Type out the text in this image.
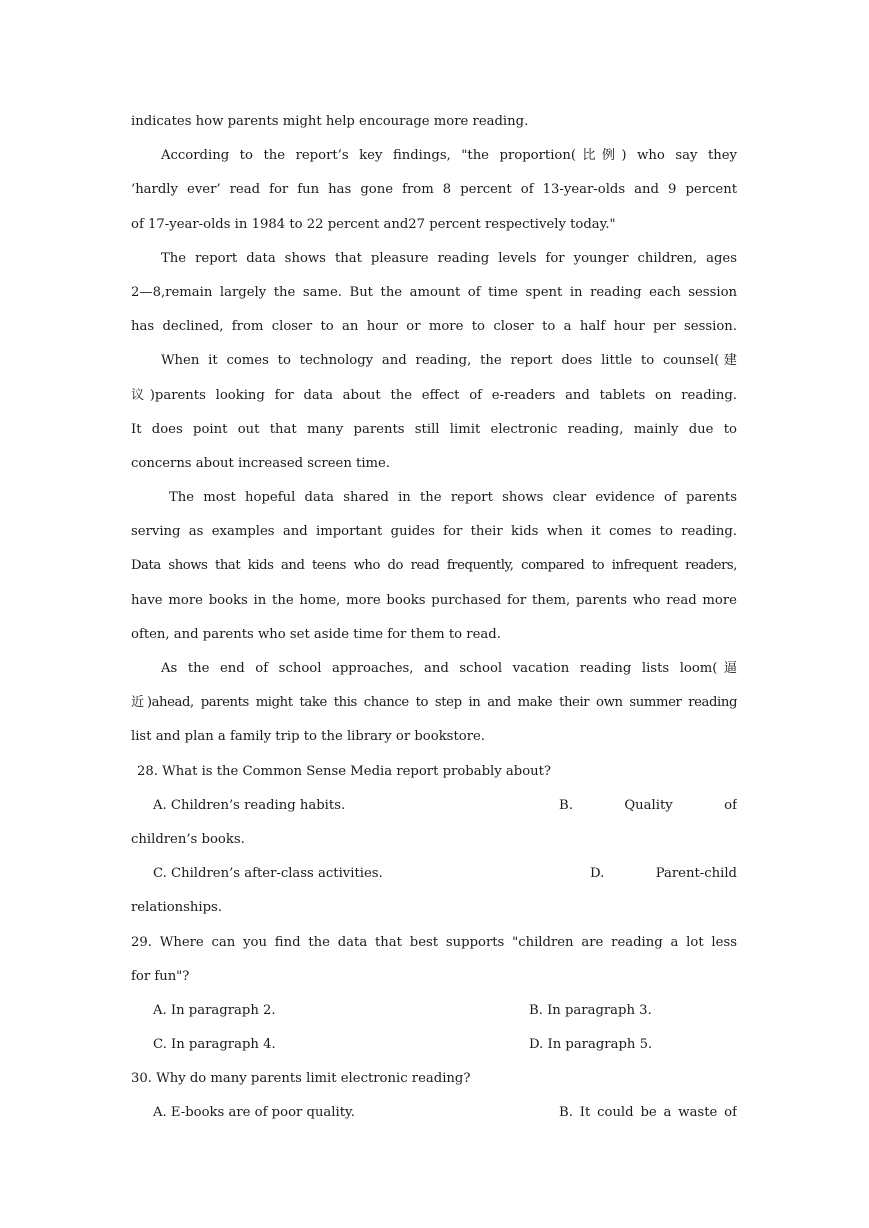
indicates how parents might help encourage more reading.
According to the report’s key findings, "the proportion(比例) who say they
‘hardly ever’ read for fun has gone from 8 percent of 13-year-olds and 9 percent
of 17-year-olds in 1984 to 22 percent and27 percent respectively today."
The report data shows that pleasure reading levels for younger children, ages
2—8,remain largely the same. But the amount of time spent in reading each session
has declined, from closer to an hour or more to closer to a half hour per session.
When it comes to technology and reading, the report does little to counsel(建
议)parents looking for data about the effect of e-readers and tablets on reading.
It does point out that many parents still limit electronic reading, mainly due to
concerns about increased screen time.
The most hopeful data shared in the report shows clear evidence of parents
serving as examples and important guides for their kids when it comes to reading.
Data shows that kids and teens who do read frequently, compared to infrequent readers,
have more books in the home, more books purchased for them, parents who read more
often, and parents who set aside time for them to read.
As the end of school approaches, and school vacation reading lists loom(逼
近)ahead, parents might take this chance to step in and make their own summer reading
list and plan a family trip to the library or bookstore.
28. What is the Common Sense Media report probably about?
A. Children’s reading habits.	B. Quality of
children’s books.
C. Children’s after-class activities.	D. Parent-child
relationships.
29. Where can you find the data that best supports "children are reading a lot less
for fun"?
A. In paragraph 2.	B. In paragraph 3.
C. In paragraph 4.	D. In paragraph 5.
30. Why do many parents limit electronic reading?
A. E-books are of poor quality.	B. It could be a waste of
